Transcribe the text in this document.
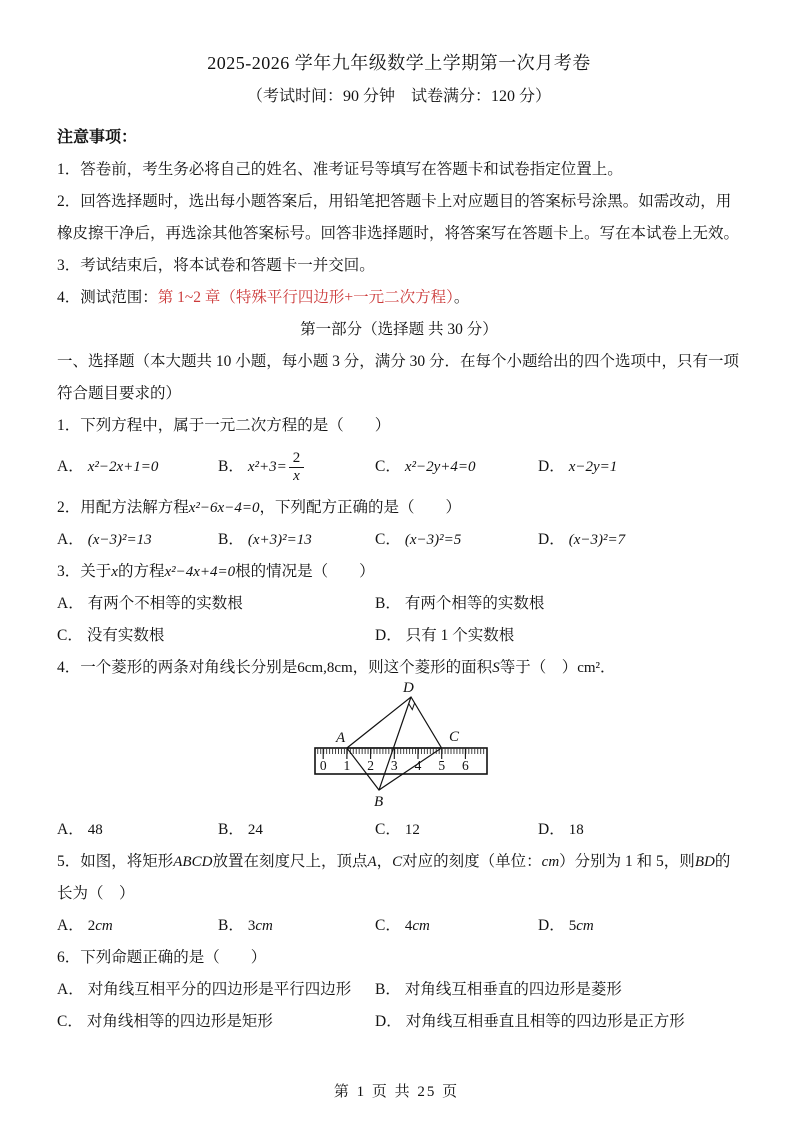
2025-2026 学年九年级数学上学期第一次月考卷
（考试时间：90 分钟　试卷满分：120 分）
注意事项：
1．答卷前，考生务必将自己的姓名、准考证号等填写在答题卡和试卷指定位置上。
2．回答选择题时，选出每小题答案后，用铅笔把答题卡上对应题目的答案标号涂黑。如需改动，用橡皮擦干净后，再选涂其他答案标号。回答非选择题时，将答案写在答题卡上。写在本试卷上无效。
3．考试结束后，将本试卷和答题卡一并交回。
4．测试范围：第 1~2 章（特殊平行四边形+一元二次方程）。
第一部分（选择题 共 30 分）
一、选择题（本大题共 10 小题，每小题 3 分，满分 30 分．在每个小题给出的四个选项中，只有一项符合题目要求的）
1．下列方程中，属于一元二次方程的是（　　）
A． x²−2x+1=0	B． $x^2+3= \frac{2}{x}$	C． x²−2y+4=0	D． x−2y=1
2．用配方法解方程x²−6x−4=0，下列配方正确的是（　　）
A． (x−3)²=13	B． (x+3)²=13	C． (x−3)²=5	D． (x−3)²=7
3．关于x的方程x²−4x+4=0根的情况是（　　）
A． 有两个不相等的实数根	B． 有两个相等的实数根
C． 没有实数根	D． 只有 1 个实数根
4．一个菱形的两条对角线长分别是6cm,8cm，则这个菱形的面积S等于（　）cm²．
0 1 2 3 4 5 6
A
D
C
B
A． 48	B． 24	C． 12	D． 18
5．如图，将矩形ABCD放置在刻度尺上，顶点A，C对应的刻度（单位：cm）分别为 1 和 5，则BD的长为（　）
A． 2cm	B． 3cm	C． 4cm	D． 5cm
6．下列命题正确的是（　　）
A． 对角线互相平分的四边形是平行四边形	B． 对角线互相垂直的四边形是菱形
C． 对角线相等的四边形是矩形	D． 对角线互相垂直且相等的四边形是正方形
第 1 页 共 25 页
